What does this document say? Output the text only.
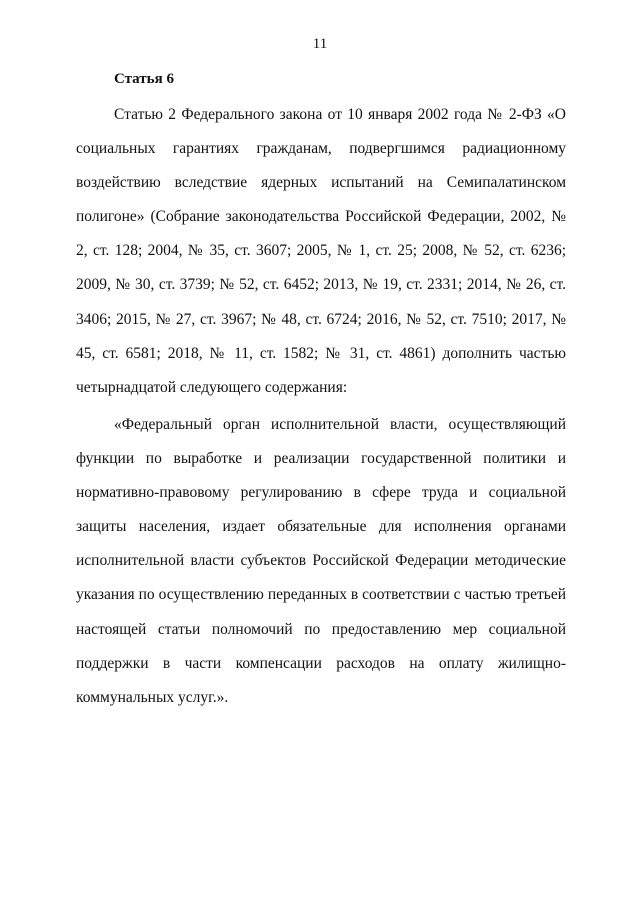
11
Статья 6

Статью 2 Федерального закона от 10 января 2002 года № 2-ФЗ «О социальных гарантиях гражданам, подвергшимся радиационному воздействию вследствие ядерных испытаний на Семипалатинском полигоне» (Собрание законодательства Российской Федерации, 2002, № 2, ст. 128; 2004, № 35, ст. 3607; 2005, № 1, ст. 25; 2008, № 52, ст. 6236; 2009, № 30, ст. 3739; № 52, ст. 6452; 2013, № 19, ст. 2331; 2014, № 26, ст. 3406; 2015, № 27, ст. 3967; № 48, ст. 6724; 2016, № 52, ст. 7510; 2017, № 45, ст. 6581; 2018, № 11, ст. 1582; № 31, ст. 4861) дополнить частью четырнадцатой следующего содержания:

«Федеральный орган исполнительной власти, осуществляющий функции по выработке и реализации государственной политики и нормативно-правовому регулированию в сфере труда и социальной защиты населения, издает обязательные для исполнения органами исполнительной власти субъектов Российской Федерации методические указания по осуществлению переданных в соответствии с частью третьей настоящей статьи полномочий по предоставлению мер социальной поддержки в части компенсации расходов на оплату жилищно-коммунальных услуг.».
